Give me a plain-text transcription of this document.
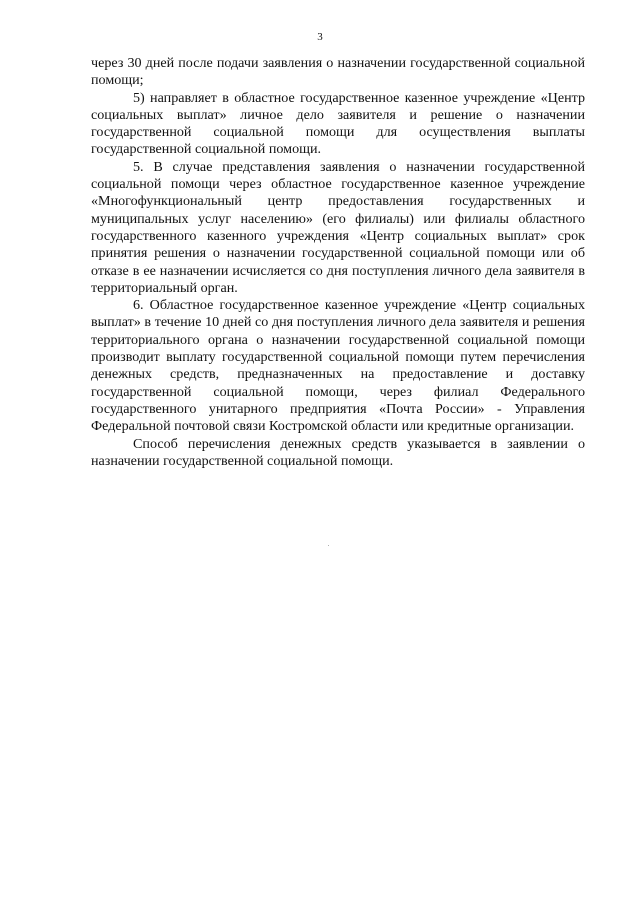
3

через 30 дней после подачи заявления о назначении государственной социальной помощи;

5) направляет в областное государственное казенное учреждение «Центр социальных выплат» личное дело заявителя и решение о назначении государственной социальной помощи для осуществления выплаты государственной социальной помощи.

5. В случае представления заявления о назначении государственной социальной помощи через областное государственное казенное учреждение «Многофункциональный центр предоставления государственных и муниципальных услуг населению» (его филиалы) или филиалы областного государственного казенного учреждения «Центр социальных выплат» срок принятия решения о назначении государственной социальной помощи или об отказе в ее назначении исчисляется со дня поступления личного дела заявителя в территориальный орган.

6. Областное государственное казенное учреждение «Центр социальных выплат» в течение 10 дней со дня поступления личного дела заявителя и решения территориального органа о назначении государственной социальной помощи производит выплату государственной социальной помощи путем перечисления денежных средств, предназначенных на предоставление и доставку государственной социальной помощи, через филиал Федерального государственного унитарного предприятия «Почта России» - Управления Федеральной почтовой связи Костромской области или кредитные организации.

Способ перечисления денежных средств указывается в заявлении о назначении государственной социальной помощи.
